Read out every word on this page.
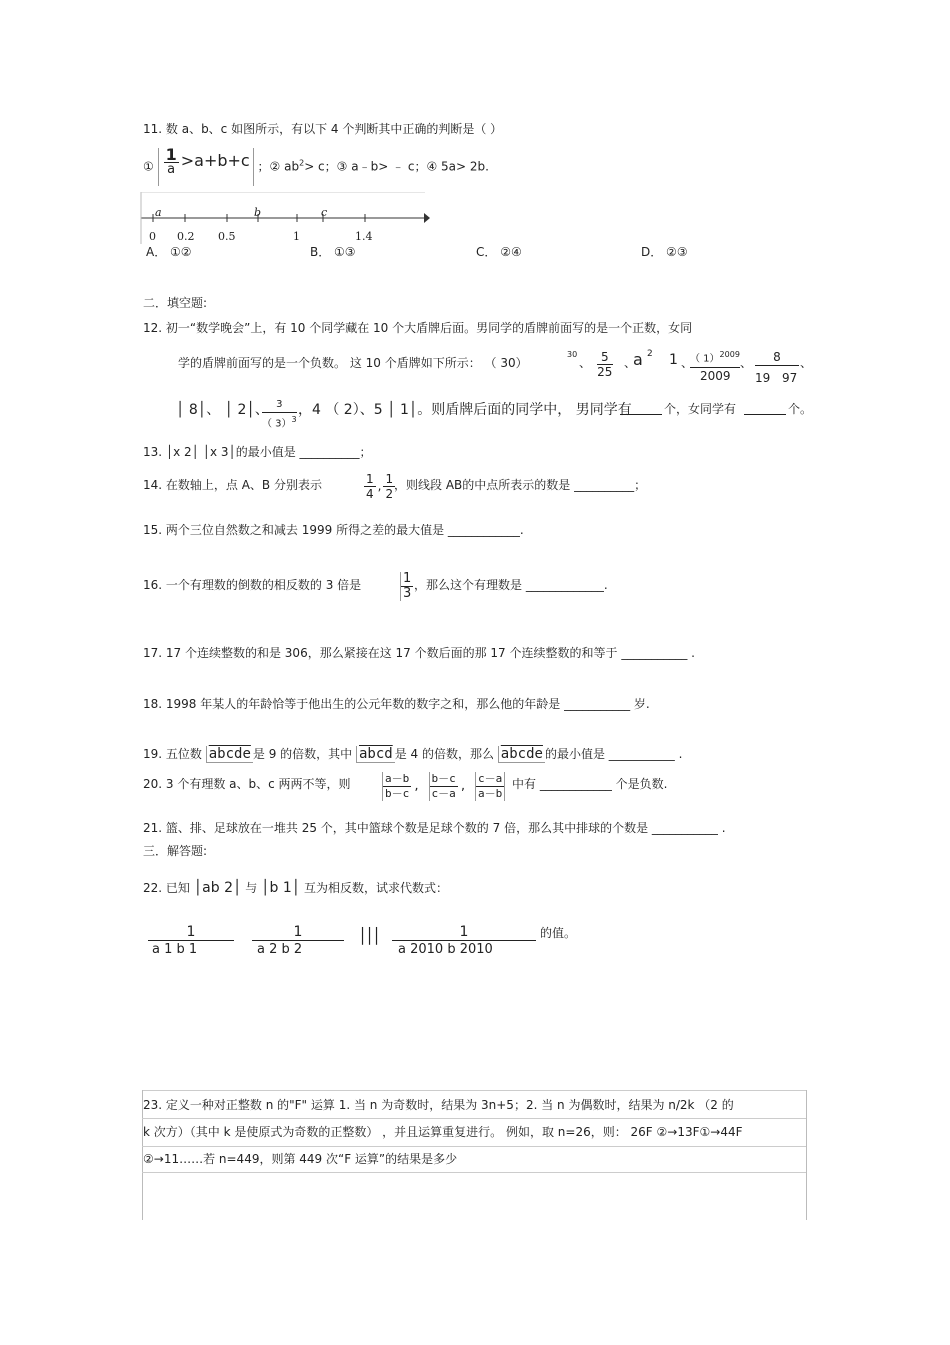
11. 数 a、b、c 如图所示，有以下 4 个判断其中正确的判断是（ ）
① $\frac{1}{a} >a+b+c$ ；② $ab^2> c$；③ a﹣b> ﹣ c；④ 5a> 2b.
a	b	c
0 0.2 0.5	1	1.4
A． ①②	B． ①③	C． ②④	D． ②③
二．填空题:
12. 初一“数学晚会”上，有 10 个同学藏在 10 个大盾牌后面。男同学的盾牌前面写的是一个正数，女同
学的盾牌前面写的是一个负数。 这 10 个盾牌如下所示： （ 30）
30
、 $\frac{5}{25}$ 、
a 2 1 、
（ 1）$^{2009}$
2009
、	8
19 97
、
│ 8│、 │ 2│、
$\frac{3}{( 3)^3}$ ，4 （ 2）、5 │ 1│。则盾牌后面的同学中， 男同学有	个，女同学有	个。
13. │x 2│ │x 3│的最小值是 __________；
14. 在数轴上，点 A、B 分别表示	$\frac{1}{4}$ , $\frac{1}{2}$
，则线段 AB的中点所表示的数是 __________；
15. 两个三位自然数之和减去 1999 所得之差的最大值是 ____________.
16. 一个有理数的倒数的相反数的 3 倍是	$\frac{1}{3}$ ，那么这个有理数是 _____________.
17. 17 个连续整数的和是 306，那么紧接在这 17 个数后面的那 17 个连续整数的和等于 ___________ .
18. 1998 年某人的年龄恰等于他出生的公元年数的数字之和，那么他的年龄是 ___________ 岁.
19. 五位数 abcde 是 9 的倍数，其中 abcd 是 4 的倍数，那么 abcde 的最小值是 ___________ .
20. 3 个有理数 a、b、c 两两不等，则	$\frac{a-b}{b-c}$ , $\frac{b-c}{c-a}$ , $\frac{c-a}{a-b}$ 中有 ____________ 个是负数.
21. 篮、排、足球放在一堆共 25 个，其中篮球个数是足球个数的 7 倍，那么其中排球的个数是 ___________ .
三．解答题:
22. 已知 │ab 2│ 与 │b 1│ 互为相反数，试求代数式：
1
a 1 b 1
1
a 2 b 2
│││	1
a 2010 b 2010
的值。
23. 定义一种对正整数 n 的"F" 运算 1. 当 n 为奇数时，结果为 3n+5；2. 当 n 为偶数时，结果为 n/2k （2 的
k 次方）（其中 k 是使原式为奇数的正整数） ，并且运算重复进行。 例如，取 n=26，则： 26F ②→13F①→44F
②→11……若 n=449，则第 449 次“F 运算”的结果是多少
